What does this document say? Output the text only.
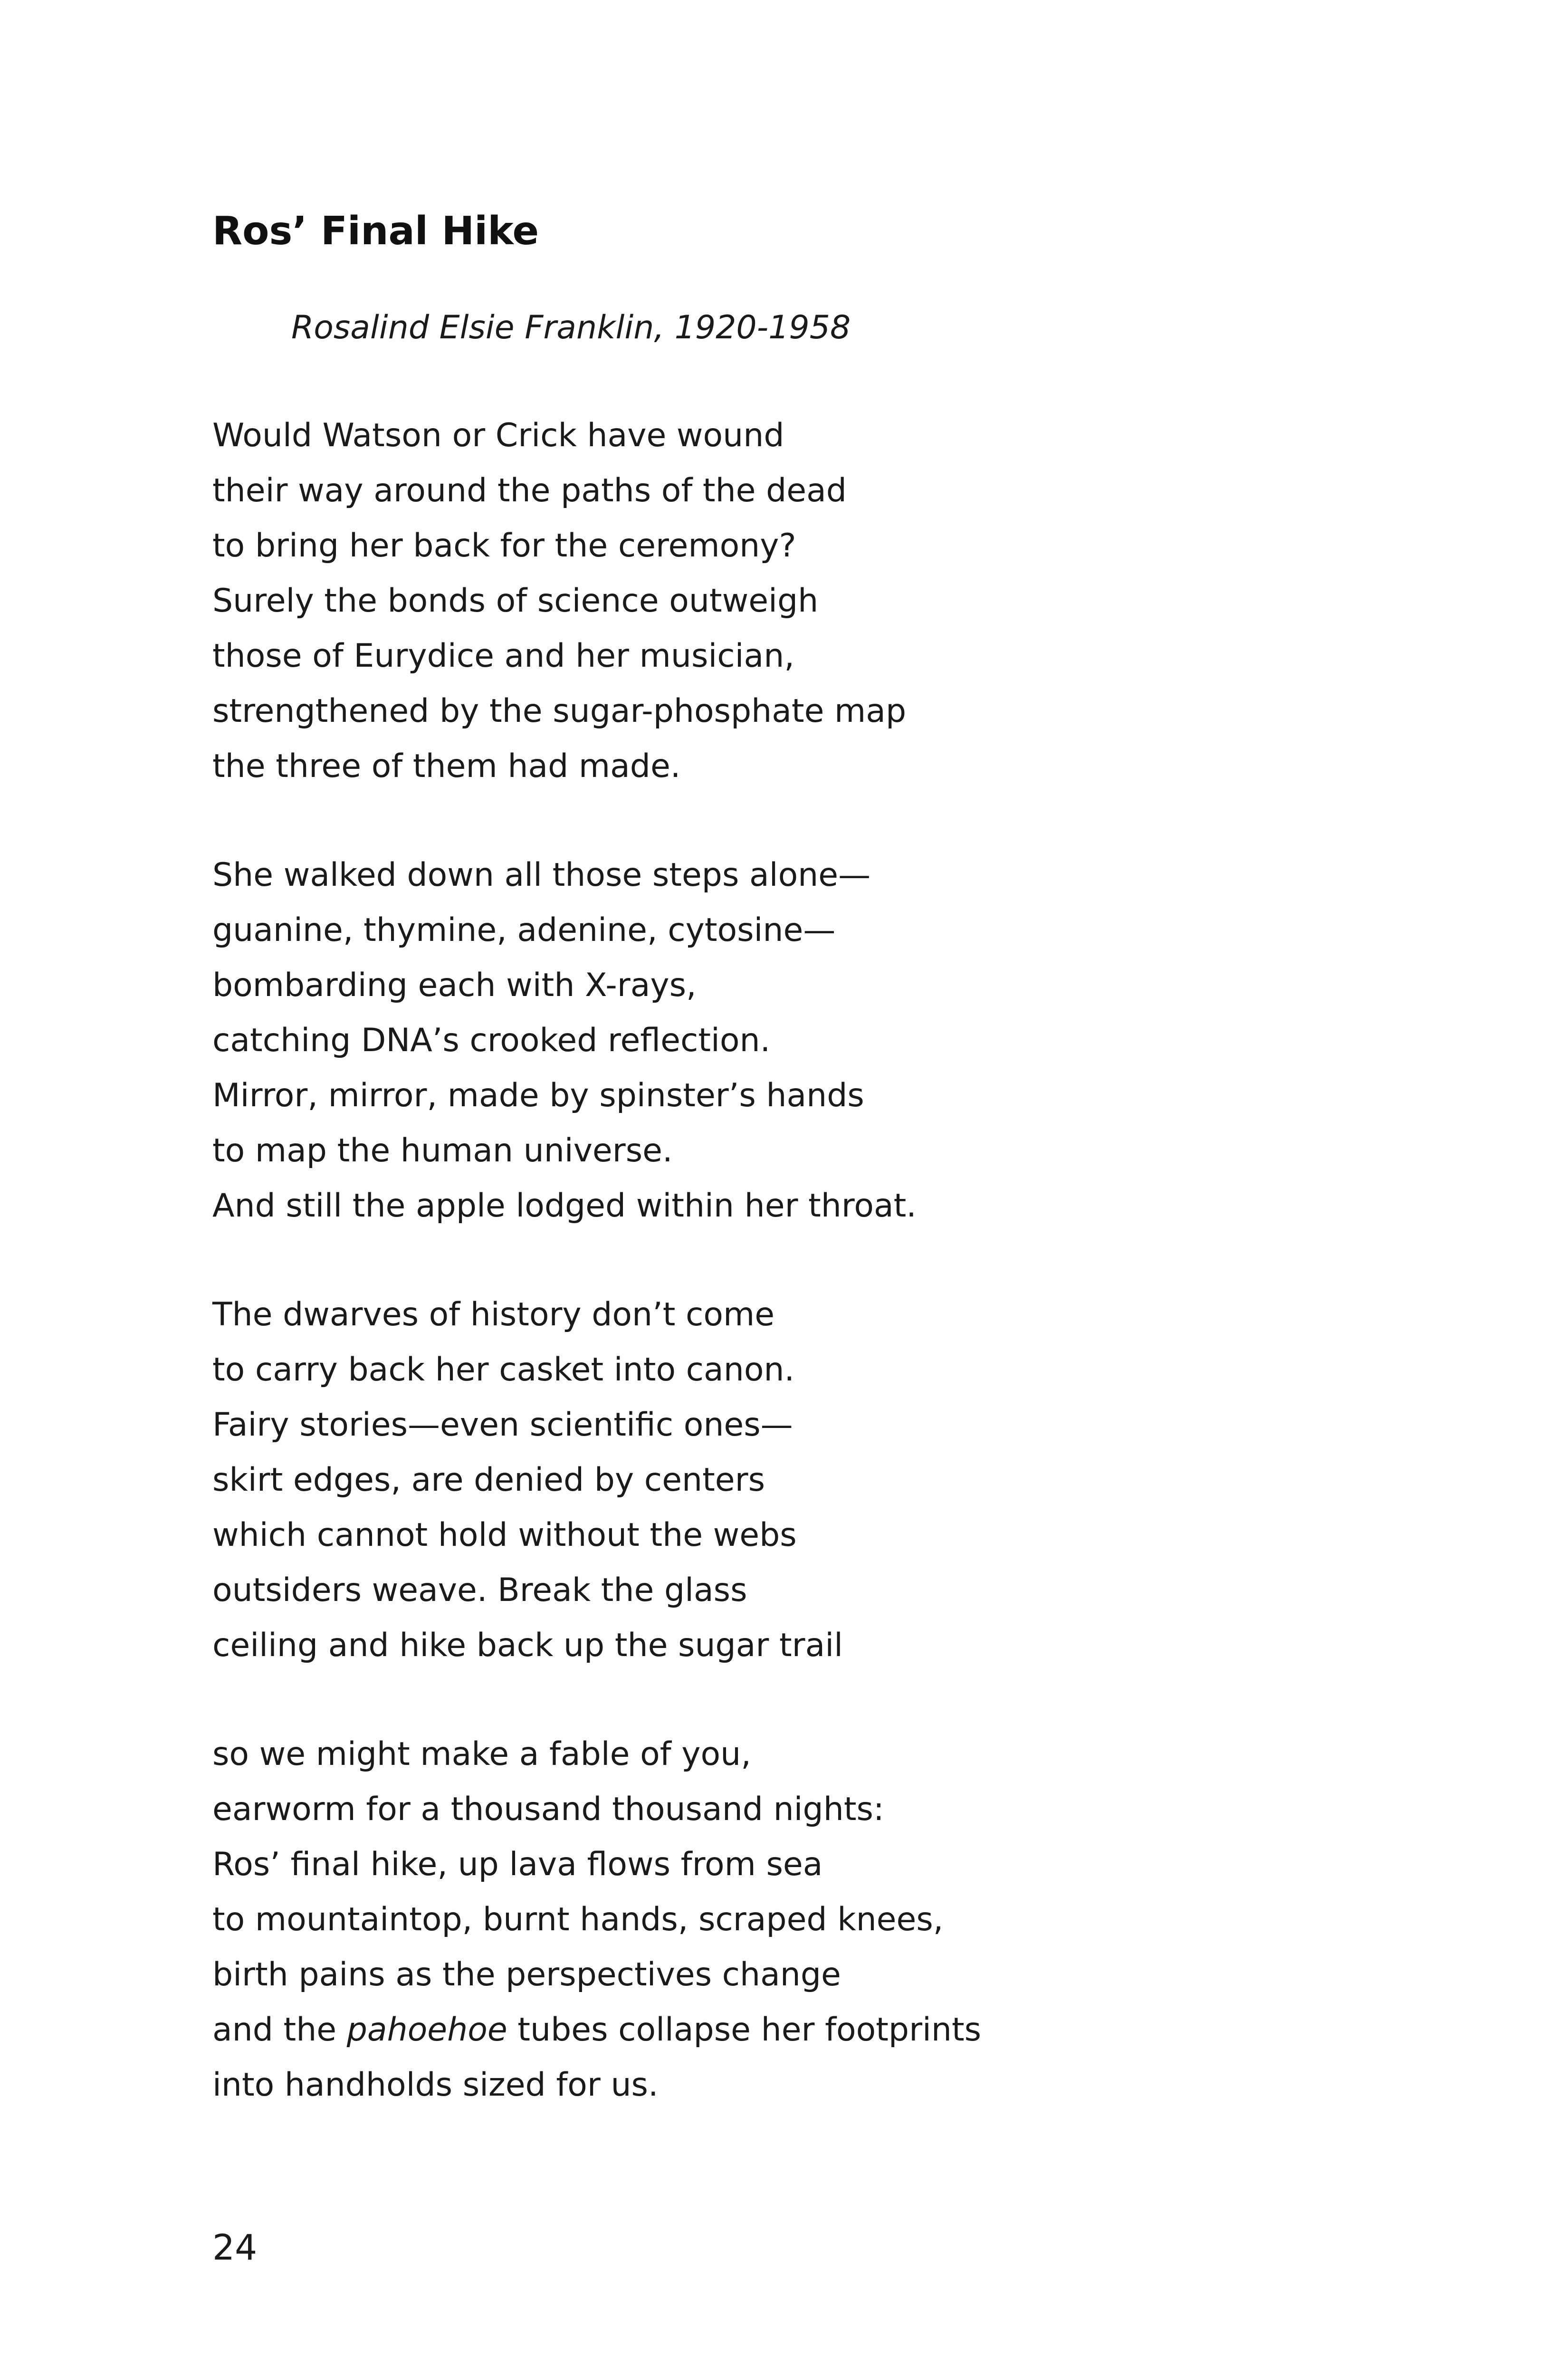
Ros’ Final Hike

Rosalind Elsie Franklin, 1920-1958

Would Watson or Crick have wound
their way around the paths of the dead
to bring her back for the ceremony?
Surely the bonds of science outweigh
those of Eurydice and her musician,
strengthened by the sugar-phosphate map
the three of them had made.

She walked down all those steps alone—
guanine, thymine, adenine, cytosine—
bombarding each with X-rays,
catching DNA’s crooked reflection.
Mirror, mirror, made by spinster’s hands
to map the human universe.
And still the apple lodged within her throat.

The dwarves of history don’t come
to carry back her casket into canon.
Fairy stories—even scientific ones—
skirt edges, are denied by centers
which cannot hold without the webs
outsiders weave. Break the glass
ceiling and hike back up the sugar trail

so we might make a fable of you,
earworm for a thousand thousand nights:
Ros’ final hike, up lava flows from sea
to mountaintop, burnt hands, scraped knees,
birth pains as the perspectives change
and the pahoehoe tubes collapse her footprints
into handholds sized for us.

24
